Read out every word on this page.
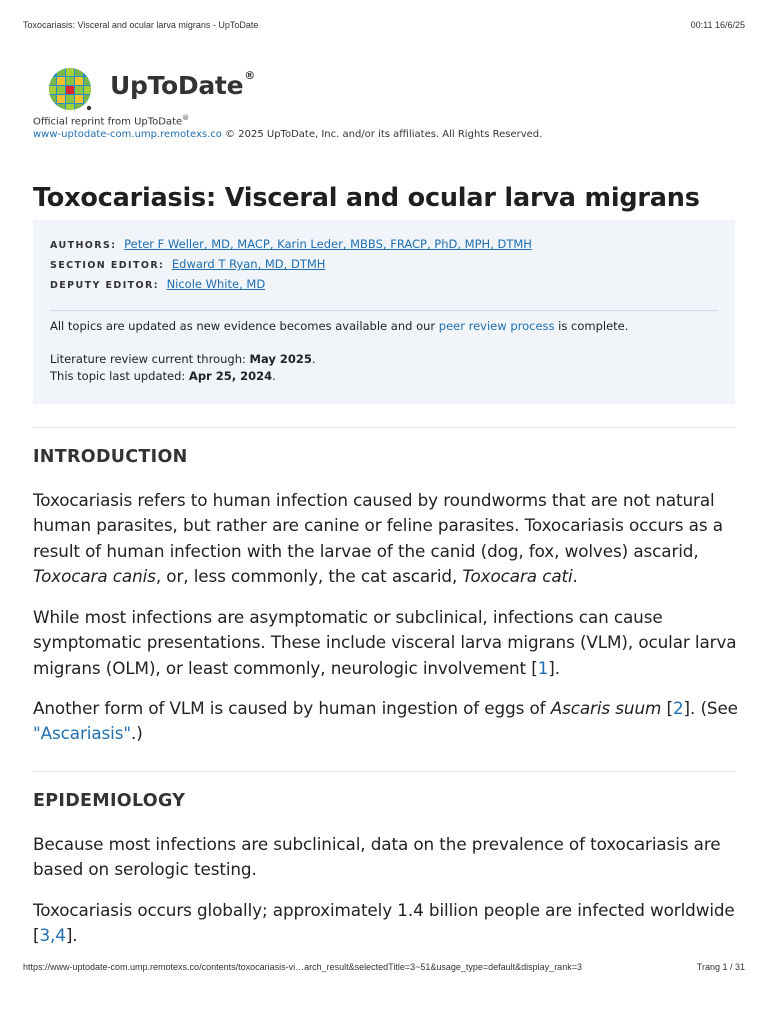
Toxocariasis: Visceral and ocular larva migrans - UpToDate	00:11 16/6/25
UpToDate®
Official reprint from UpToDate®
www-uptodate-com.ump.remotexs.co © 2025 UpToDate, Inc. and/or its affiliates. All Rights Reserved.
Toxocariasis: Visceral and ocular larva migrans
AUTHORS: Peter F Weller, MD, MACP, Karin Leder, MBBS, FRACP, PhD, MPH, DTMH
SECTION EDITOR: Edward T Ryan, MD, DTMH
DEPUTY EDITOR: Nicole White, MD
All topics are updated as new evidence becomes available and our peer review process is complete.
Literature review current through: May 2025.
This topic last updated: Apr 25, 2024.
INTRODUCTION

Toxocariasis refers to human infection caused by roundworms that are not natural human parasites, but rather are canine or feline parasites. Toxocariasis occurs as a result of human infection with the larvae of the canid (dog, fox, wolves) ascarid, Toxocara canis, or, less commonly, the cat ascarid, Toxocara cati.

While most infections are asymptomatic or subclinical, infections can cause symptomatic presentations. These include visceral larva migrans (VLM), ocular larva migrans (OLM), or least commonly, neurologic involvement [1].

Another form of VLM is caused by human ingestion of eggs of Ascaris suum [2]. (See
"Ascariasis".)

EPIDEMIOLOGY

Because most infections are subclinical, data on the prevalence of toxocariasis are based on serologic testing.

Toxocariasis occurs globally; approximately 1.4 billion people are infected worldwide [3,4].

https://www-uptodate-com.ump.remotexs.co/contents/toxocariasis-vi…arch_result&selectedTitle=3~51&usage_type=default&display_rank=3	Trang 1 / 31
